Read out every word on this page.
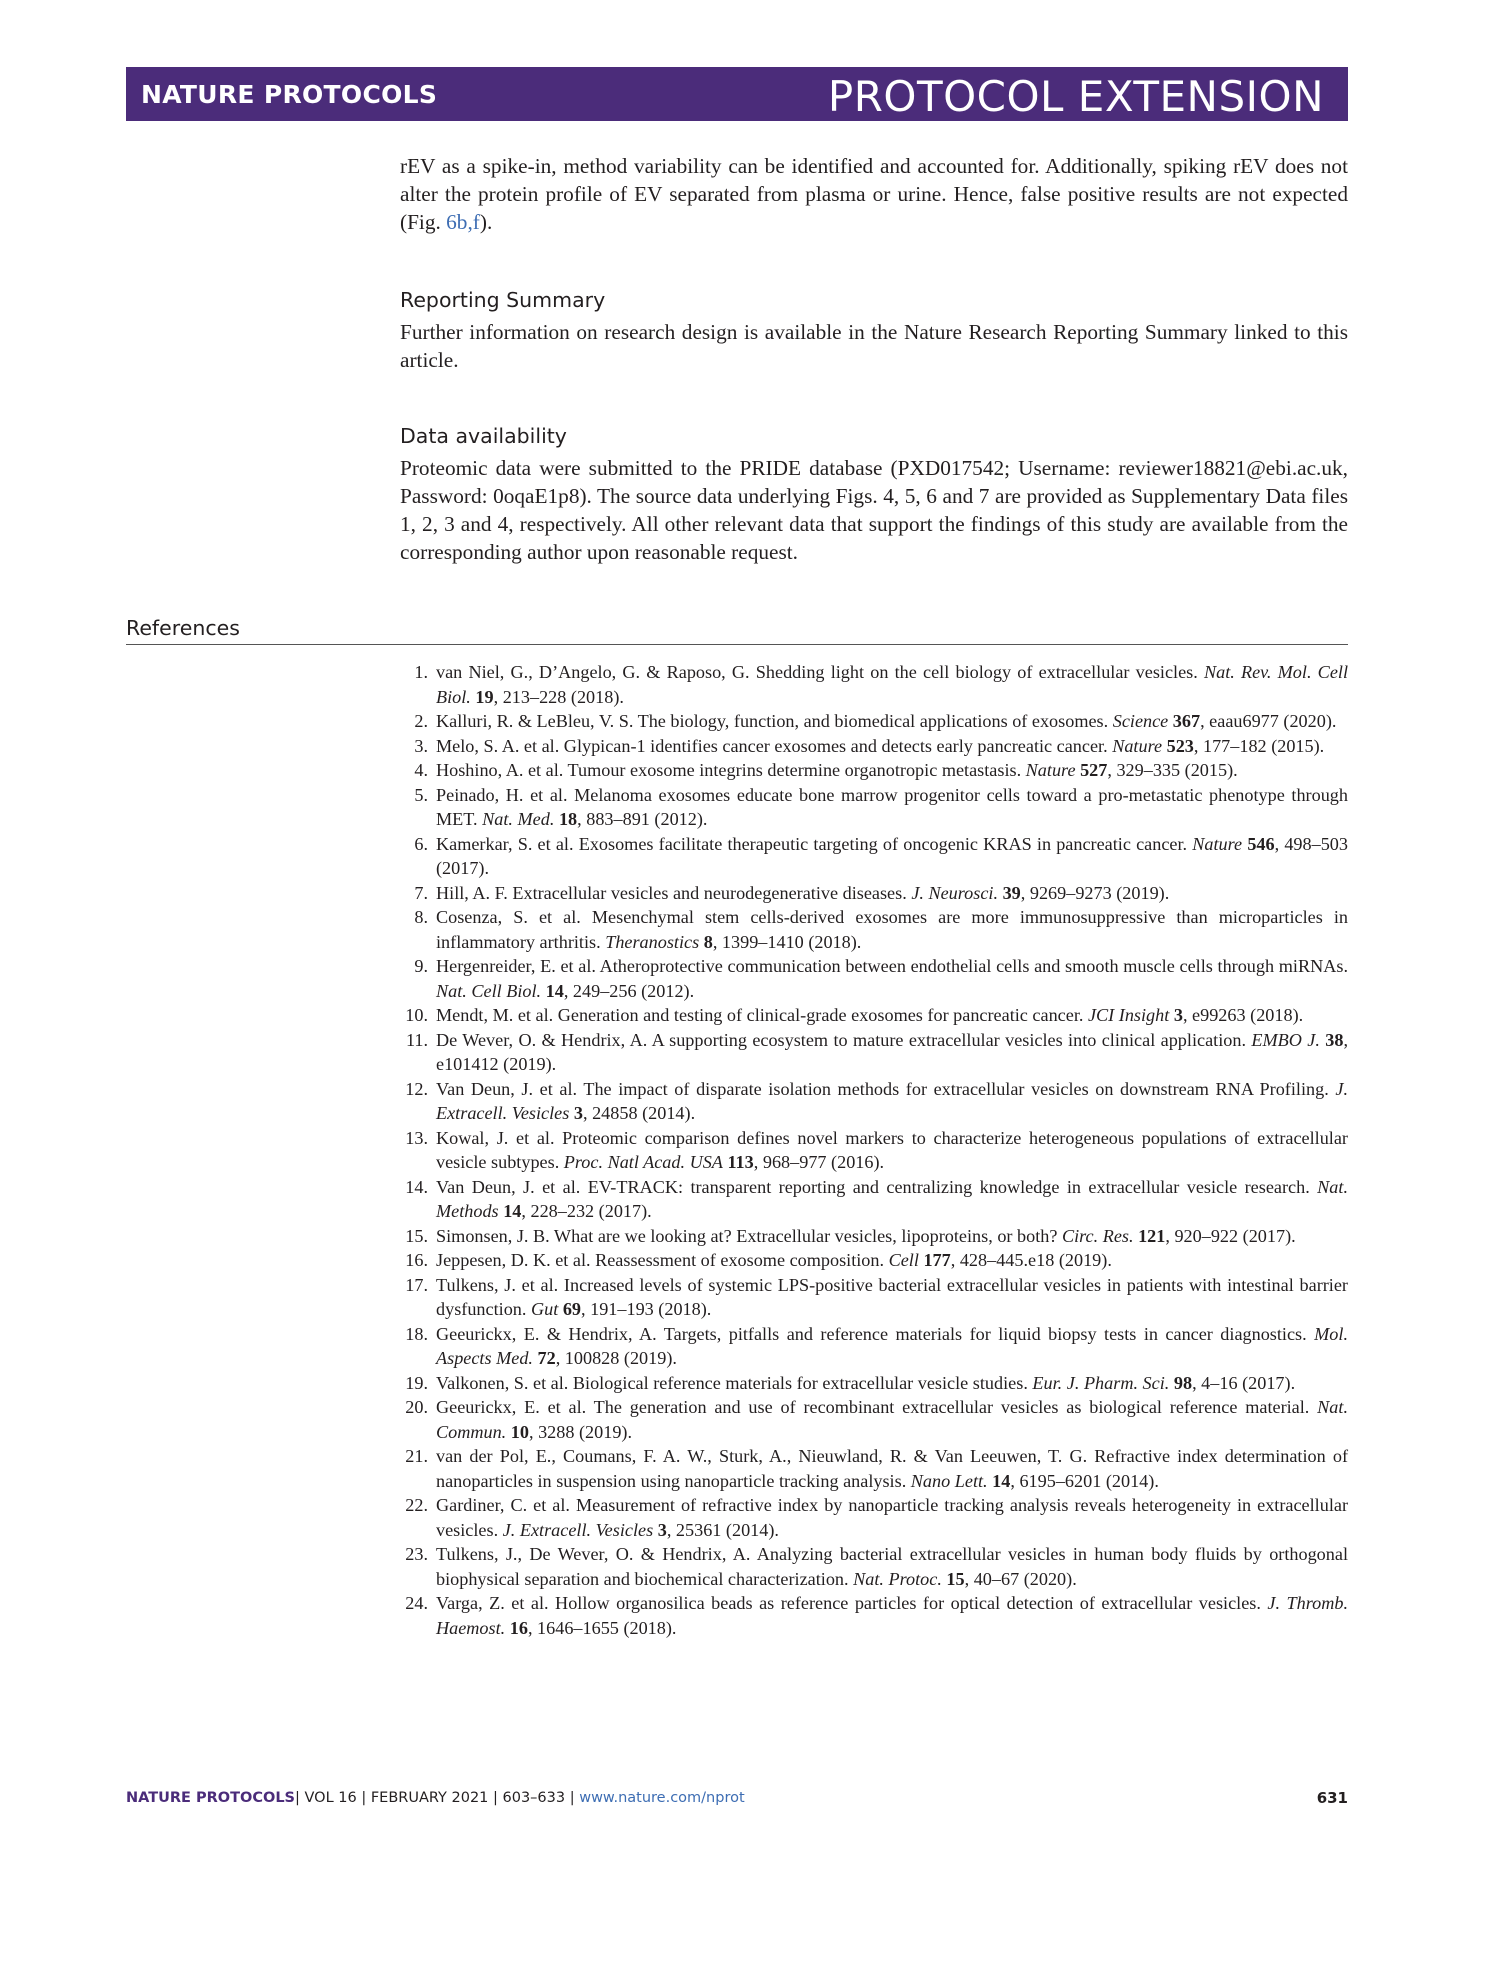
NATURE PROTOCOLS	PROTOCOL EXTENSION
rEV as a spike-in, method variability can be identified and accounted for. Additionally, spiking rEV does not alter the protein profile of EV separated from plasma or urine. Hence, false positive results are not expected (Fig. 6b,f).
Reporting Summary
Further information on research design is available in the Nature Research Reporting Summary linked to this article.
Data availability
Proteomic data were submitted to the PRIDE database (PXD017542; Username: reviewer18821@ebi.ac.uk, Password: 0oqaE1p8). The source data underlying Figs. 4, 5, 6 and 7 are provided as Supplementary Data files 1, 2, 3 and 4, respectively. All other relevant data that support the findings of this study are available from the corresponding author upon reasonable request.
References
1. van Niel, G., D’Angelo, G. & Raposo, G. Shedding light on the cell biology of extracellular vesicles. Nat. Rev. Mol. Cell Biol. 19, 213–228 (2018).
2. Kalluri, R. & LeBleu, V. S. The biology, function, and biomedical applications of exosomes. Science 367, eaau6977 (2020).
3. Melo, S. A. et al. Glypican-1 identifies cancer exosomes and detects early pancreatic cancer. Nature 523, 177–182 (2015).
4. Hoshino, A. et al. Tumour exosome integrins determine organotropic metastasis. Nature 527, 329–335 (2015).
5. Peinado, H. et al. Melanoma exosomes educate bone marrow progenitor cells toward a pro-metastatic phenotype through MET. Nat. Med. 18, 883–891 (2012).
6. Kamerkar, S. et al. Exosomes facilitate therapeutic targeting of oncogenic KRAS in pancreatic cancer. Nature 546, 498–503 (2017).
7. Hill, A. F. Extracellular vesicles and neurodegenerative diseases. J. Neurosci. 39, 9269–9273 (2019).
8. Cosenza, S. et al. Mesenchymal stem cells-derived exosomes are more immunosuppressive than microparticles in inflammatory arthritis. Theranostics 8, 1399–1410 (2018).
9. Hergenreider, E. et al. Atheroprotective communication between endothelial cells and smooth muscle cells through miRNAs. Nat. Cell Biol. 14, 249–256 (2012).
10. Mendt, M. et al. Generation and testing of clinical-grade exosomes for pancreatic cancer. JCI Insight 3, e99263 (2018).
11. De Wever, O. & Hendrix, A. A supporting ecosystem to mature extracellular vesicles into clinical application. EMBO J. 38, e101412 (2019).
12. Van Deun, J. et al. The impact of disparate isolation methods for extracellular vesicles on downstream RNA Profiling. J. Extracell. Vesicles 3, 24858 (2014).
13. Kowal, J. et al. Proteomic comparison defines novel markers to characterize heterogeneous populations of extracellular vesicle subtypes. Proc. Natl Acad. USA 113, 968–977 (2016).
14. Van Deun, J. et al. EV-TRACK: transparent reporting and centralizing knowledge in extracellular vesicle research. Nat. Methods 14, 228–232 (2017).
15. Simonsen, J. B. What are we looking at? Extracellular vesicles, lipoproteins, or both? Circ. Res. 121, 920–922 (2017).
16. Jeppesen, D. K. et al. Reassessment of exosome composition. Cell 177, 428–445.e18 (2019).
17. Tulkens, J. et al. Increased levels of systemic LPS-positive bacterial extracellular vesicles in patients with intestinal barrier dysfunction. Gut 69, 191–193 (2018).
18. Geeurickx, E. & Hendrix, A. Targets, pitfalls and reference materials for liquid biopsy tests in cancer diagnostics. Mol. Aspects Med. 72, 100828 (2019).
19. Valkonen, S. et al. Biological reference materials for extracellular vesicle studies. Eur. J. Pharm. Sci. 98, 4–16 (2017).
20. Geeurickx, E. et al. The generation and use of recombinant extracellular vesicles as biological reference material. Nat. Commun. 10, 3288 (2019).
21. van der Pol, E., Coumans, F. A. W., Sturk, A., Nieuwland, R. & Van Leeuwen, T. G. Refractive index determination of nanoparticles in suspension using nanoparticle tracking analysis. Nano Lett. 14, 6195–6201 (2014).
22. Gardiner, C. et al. Measurement of refractive index by nanoparticle tracking analysis reveals heterogeneity in extracellular vesicles. J. Extracell. Vesicles 3, 25361 (2014).
23. Tulkens, J., De Wever, O. & Hendrix, A. Analyzing bacterial extracellular vesicles in human body fluids by orthogonal biophysical separation and biochemical characterization. Nat. Protoc. 15, 40–67 (2020).
24. Varga, Z. et al. Hollow organosilica beads as reference particles for optical detection of extracellular vesicles. J. Thromb. Haemost. 16, 1646–1655 (2018).
NATURE PROTOCOLS| VOL 16 | FEBRUARY 2021 | 603–633 | www.nature.com/nprot	631
